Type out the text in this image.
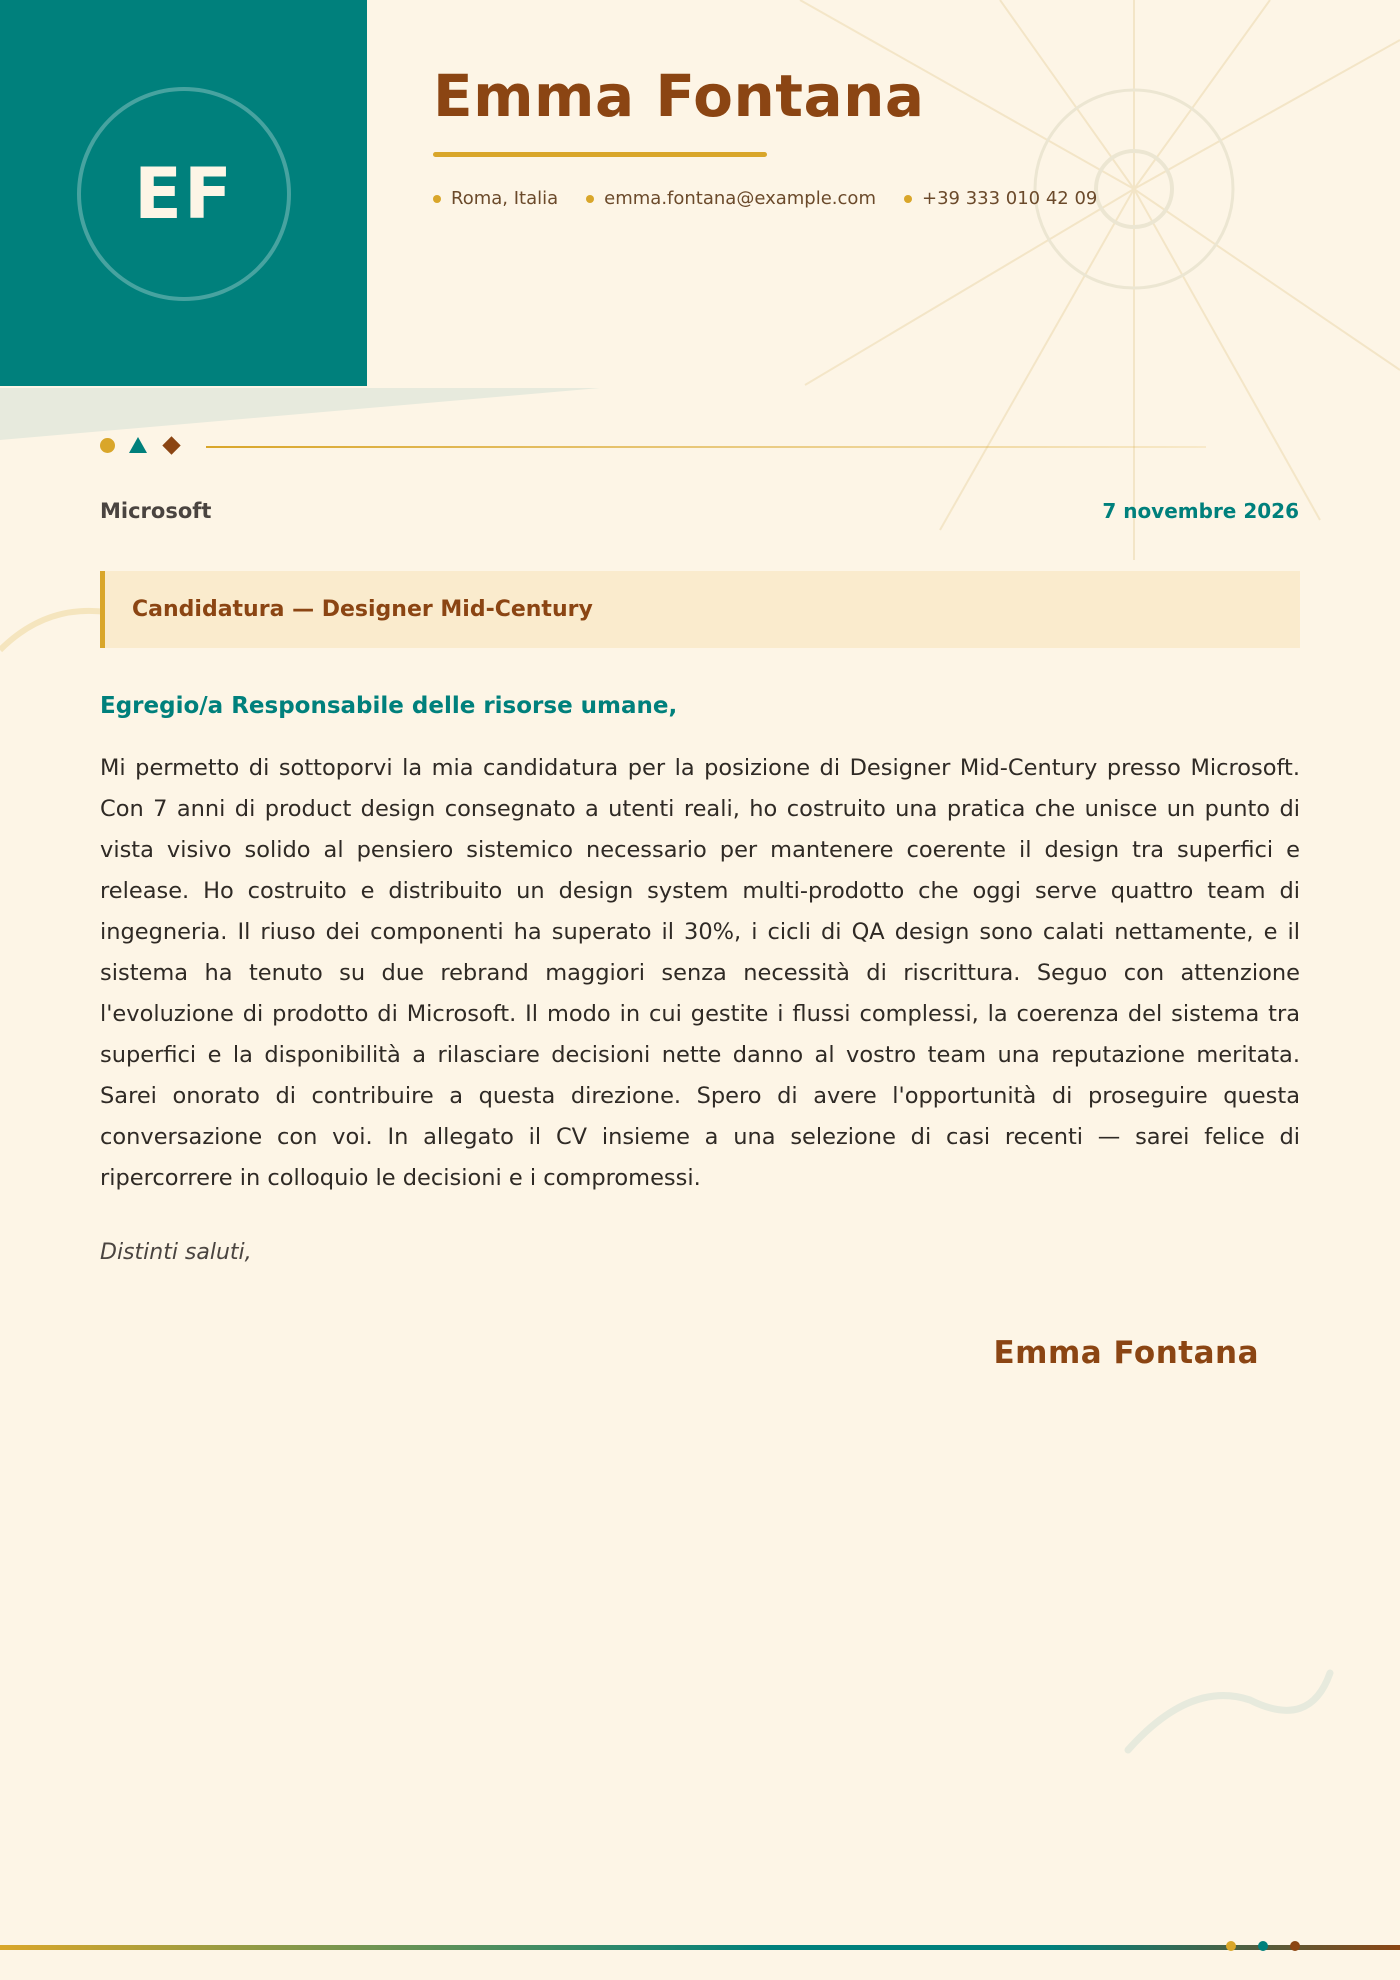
EF
Emma Fontana
Roma, Italia	emma.fontana@example.com	+39 333 010 42 09
Microsoft	7 novembre 2026
Candidatura — Designer Mid-Century
Egregio/a Responsabile delle risorse umane,

Mi permetto di sottoporvi la mia candidatura per la posizione di Designer Mid-Century presso Microsoft. Con 7 anni di product design consegnato a utenti reali, ho costruito una pratica che unisce un punto di vista visivo solido al pensiero sistemico necessario per mantenere coerente il design tra superfici e release. Ho costruito e distribuito un design system multi-prodotto che oggi serve quattro team di ingegneria. Il riuso dei componenti ha superato il 30%, i cicli di QA design sono calati nettamente, e il sistema ha tenuto su due rebrand maggiori senza necessità di riscrittura. Seguo con attenzione l'evoluzione di prodotto di Microsoft. Il modo in cui gestite i flussi complessi, la coerenza del sistema tra superfici e la disponibilità a rilasciare decisioni nette danno al vostro team una reputazione meritata. Sarei onorato di contribuire a questa direzione. Spero di avere l'opportunità di proseguire questa conversazione con voi. In allegato il CV insieme a una selezione di casi recenti — sarei felice di ripercorrere in colloquio le decisioni e i compromessi.

Distinti saluti,
Emma Fontana
